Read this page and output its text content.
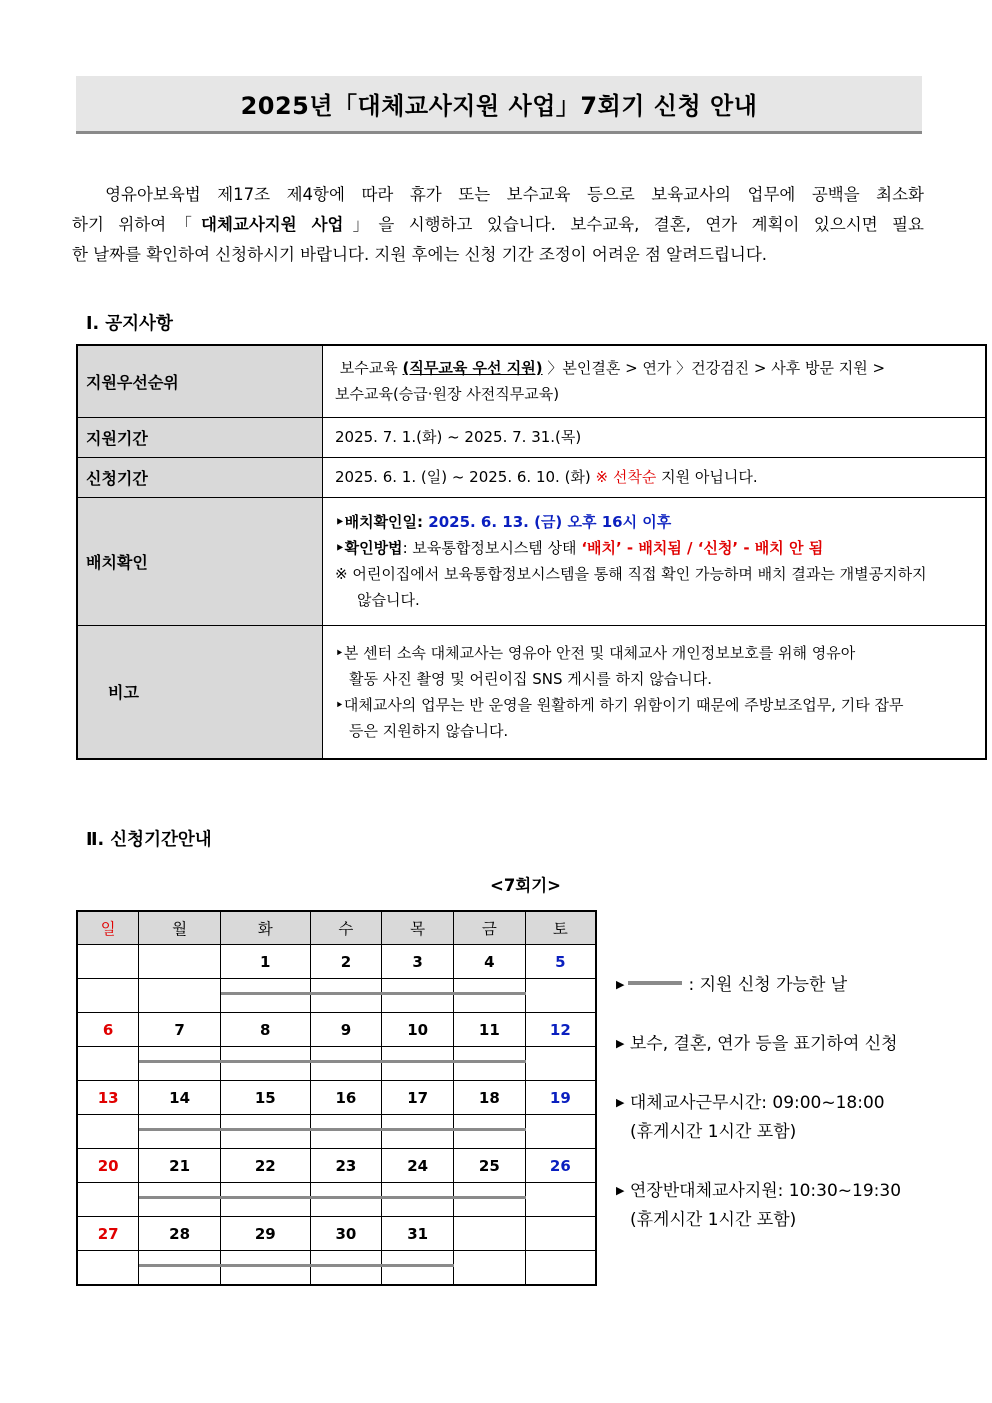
2025년「대체교사지원 사업」7회기 신청 안내

영유아보육법 제17조 제4항에 따라 휴가 또는 보수교육 등으로 보육교사의 업무에 공백을 최소화

하기 위하여「대체교사지원 사업」을 시행하고 있습니다. 보수교육, 결혼, 연가 계획이 있으시면 필요

한 날짜를 확인하여 신청하시기 바랍니다. 지원 후에는 신청 기간 조정이 어려운 점 알려드립니다.

Ⅰ. 공지사항
지원우선순위	보수교육 (직무교육 우선 지원) 〉본인결혼 > 연가 〉건강검진 > 사후 방문 지원 >
보수교육(승급·원장 사전직무교육)

지원기간	2025. 7. 1.(화) ~ 2025. 7. 31.(목)
신청기간	2025. 6. 1. (일) ~ 2025. 6. 10. (화) ※ 선착순 지원 아닙니다.
배치확인	‣배치확인일: 2025. 6. 13. (금) 오후 16시 이후
‣확인방법: 보육통합정보시스템 상태 ‘배치’ - 배치됨 / ‘신청’ - 배치 안 됨
※ 어린이집에서 보육통합정보시스템을 통해 직접 확인 가능하며 배치 결과는 개별공지하지
않습니다.

비고	‣본 센터 소속 대체교사는 영유아 안전 및 대체교사 개인정보보호를 위해 영유아
활동 사진 촬영 및 어린이집 SNS 게시를 하지 않습니다.
‣대체교사의 업무는 반 운영을 원활하게 하기 위함이기 때문에 주방보조업무, 기타 잡무
등은 지원하지 않습니다.
Ⅱ. 신청기간안내
<7회기>
일	월	화	수	목	금	토
		1	2	3	4	5

6	7	8	9	10	11	12

13	14	15	16	17	18	19

20	21	22	23	24	25	26

27	28	29	30	31		

▶	: 지원 신청 가능한 날
▶ 보수, 결혼, 연가 등을 표기하여 신청
▶ 대체교사근무시간: 09:00~18:00
(휴게시간 1시간 포함)
▶ 연장반대체교사지원: 10:30~19:30
(휴게시간 1시간 포함)
